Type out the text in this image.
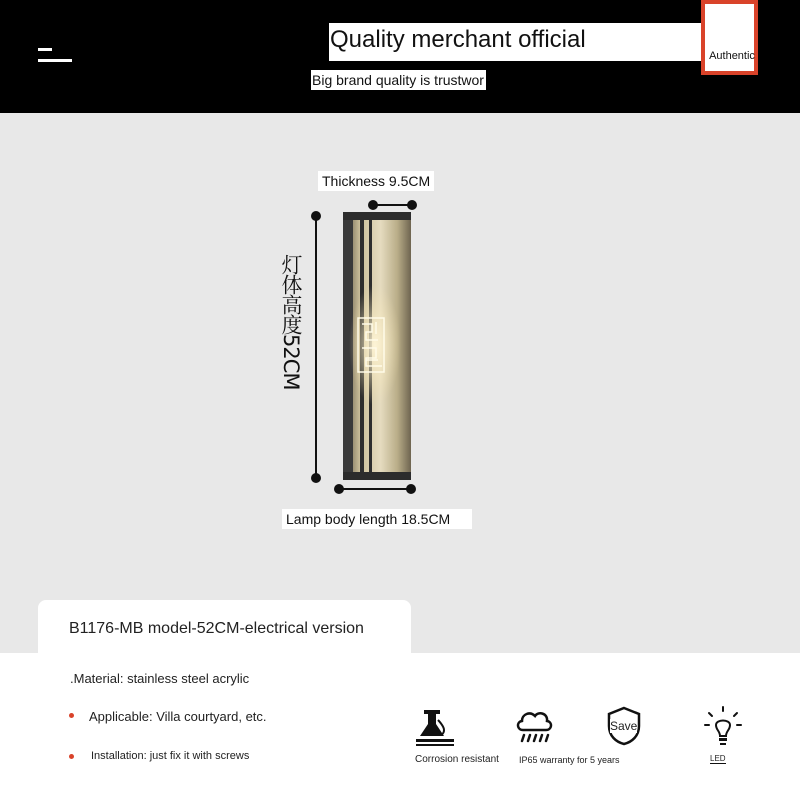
Quality merchant official
Big brand quality is trustwor
Authentic
Thickness 9.5CM
灯体高度52CM
Lamp body length 18.5CM
B1176-MB model-52CM-electrical version
.Material: stainless steel acrylic
Applicable: Villa courtyard, etc.
Installation: just fix it with screws	Corrosion resistant IP65 warranty for 5 years
Save
LED
